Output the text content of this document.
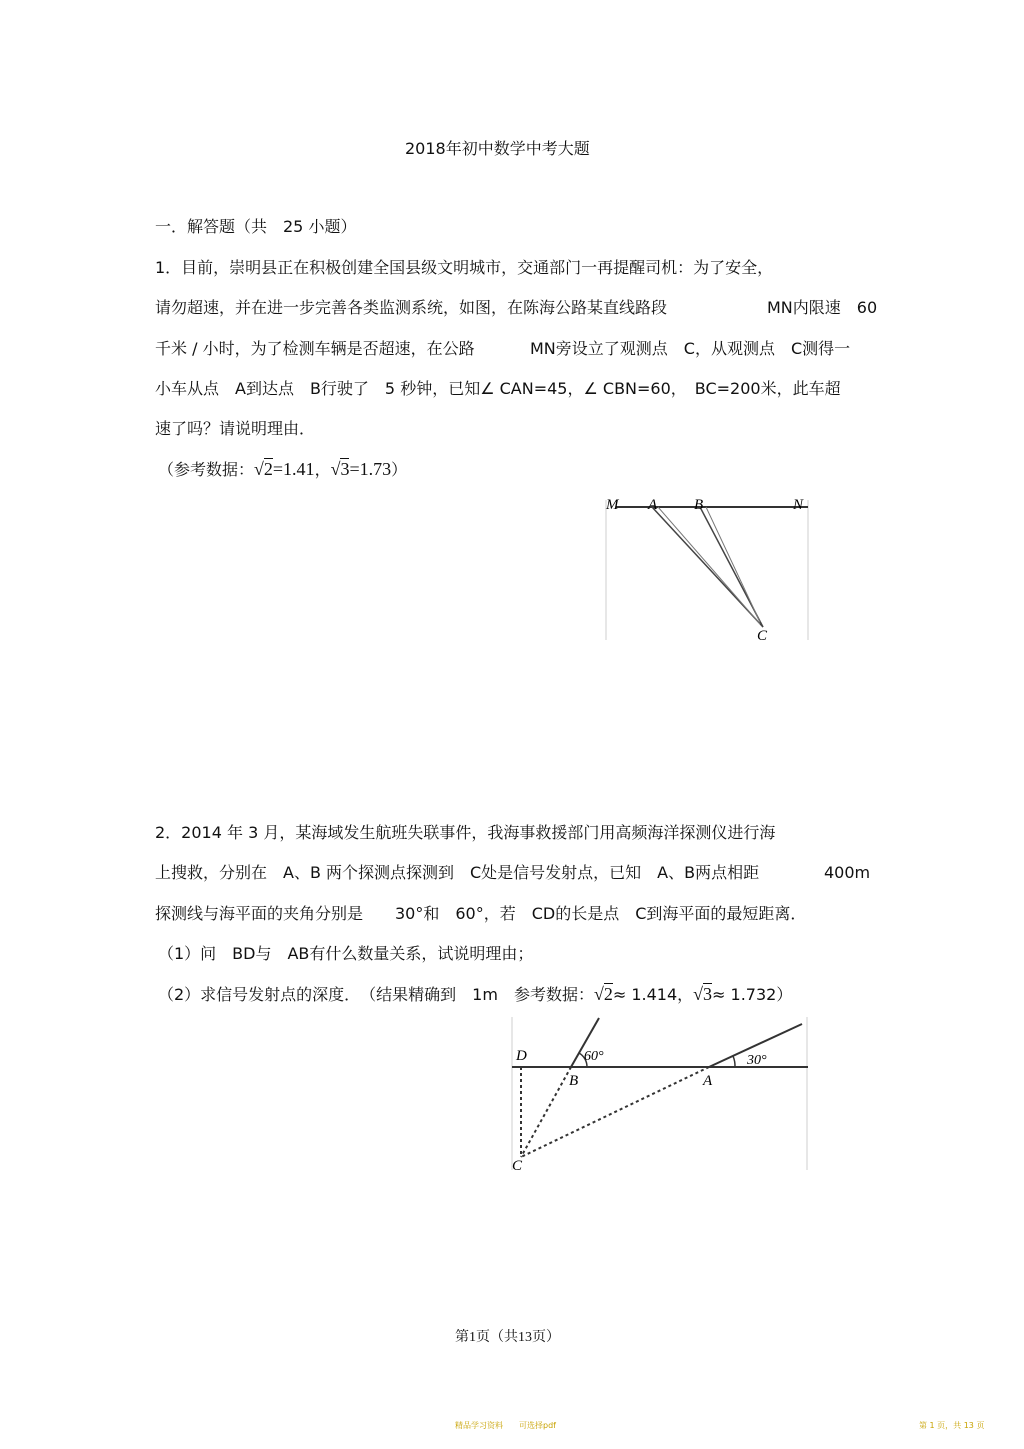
2018年初中数学中考大题
一．解答题（共　25 小题）
1．目前，崇明县正在积极创建全国县级文明城市，交通部门一再提醒司机：为了安全，
请勿超速，并在进一步完善各类监测系统，如图，在陈海公路某直线路段	MN内限速　60
千米 / 小时，为了检测车辆是否超速，在公路	MN旁设立了观测点　C，从观测点　C测得一
小车从点　A到达点　B行驶了　5 秒钟，已知∠ CAN=45，∠ CBN=60，　BC=200米，此车超
速了吗？请说明理由．
（参考数据：√2=1.41，√3=1.73）
M A B	N
C
2．2014 年 3 月，某海域发生航班失联事件，我海事救援部门用高频海洋探测仪进行海
上搜救，分别在　A、B 两个探测点探测到　C处是信号发射点，已知　A、B两点相距	400m
探测线与海平面的夹角分别是　　30°和　60°，若　CD的长是点　C到海平面的最短距离．
（1）问　BD与　AB有什么数量关系，试说明理由；
（2）求信号发射点的深度．　（结果精确到　1m　参考数据：√2≈ 1.414，√3≈ 1.732）
D
B	A
C
60°	30°
第1页（共13页）
精品学习资料　　可选择pdf	第 1 页，共 13 页
